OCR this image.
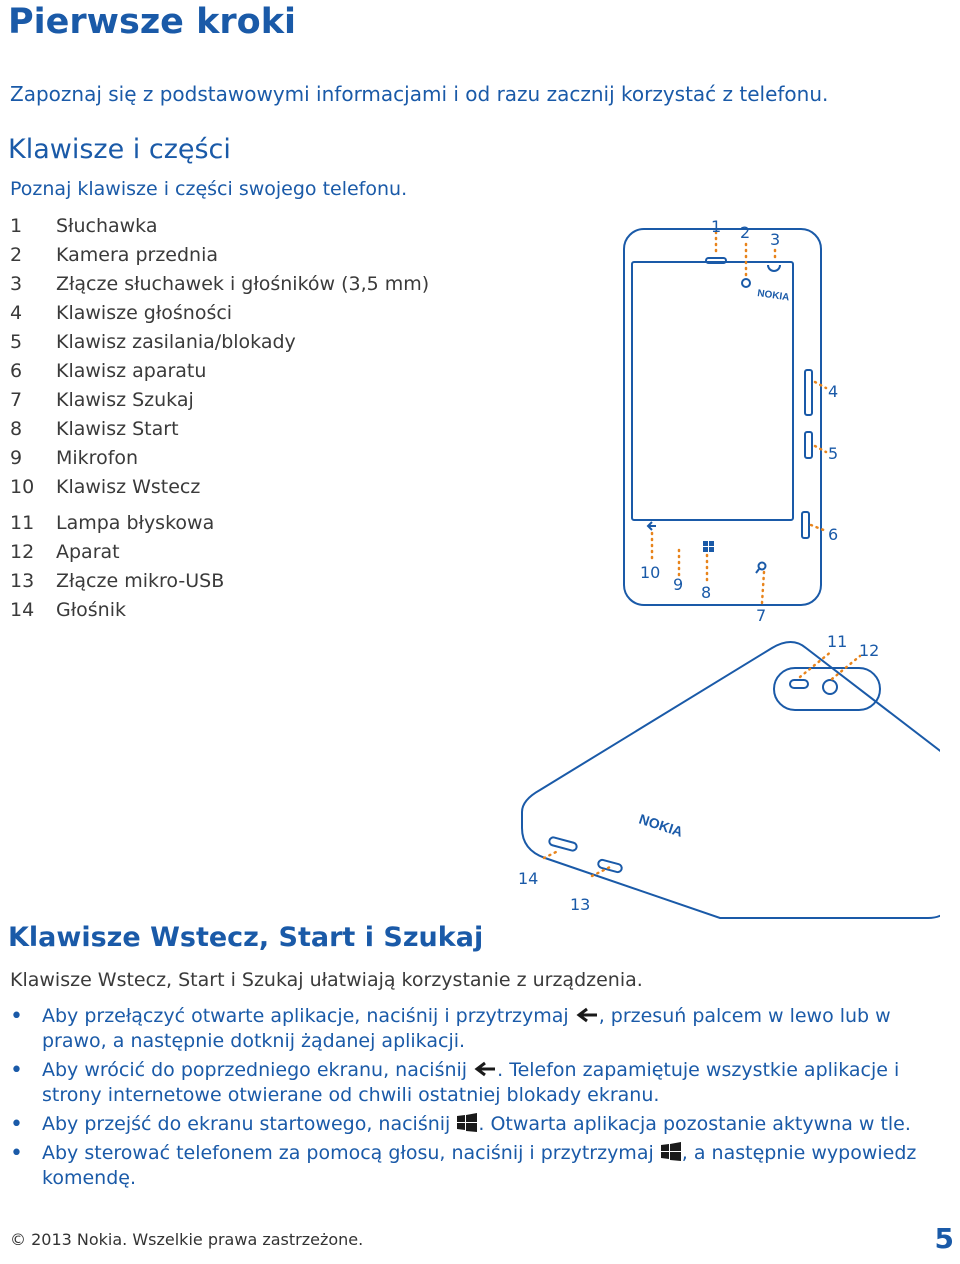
Pierwsze kroki

Zapoznaj się z podstawowymi informacjami i od razu zacznij korzystać z telefonu.

Klawisze i części

Poznaj klawisze i części swojego telefonu.

1 Słuchawka
2 Kamera przednia
3 Złącze słuchawek i głośników (3,5 mm)
4 Klawisze głośności
5 Klawisz zasilania/blokady
6 Klawisz aparatu
7 Klawisz Szukaj
8 Klawisz Start
9 Mikrofon
10 Klawisz Wstecz
11 Lampa błyskowa
12 Aparat
13 Złącze mikro-USB
14 Głośnik
NOKIA
NOKIA
1 2 3
4
5
6
7
8
9
10
11 12
13
14
Klawisze Wstecz, Start i Szukaj

Klawisze Wstecz, Start i Szukaj ułatwiają korzystanie z urządzenia.

• Aby przełączyć otwarte aplikacje, naciśnij i przytrzymaj , przesuń palcem w lewo lub w prawo, a następnie dotknij żądanej aplikacji.
• Aby wrócić do poprzedniego ekranu, naciśnij . Telefon zapamiętuje wszystkie aplikacje i strony internetowe otwierane od chwili ostatniej blokady ekranu.
• Aby przejść do ekranu startowego, naciśnij . Otwarta aplikacja pozostanie aktywna w tle.
• Aby sterować telefonem za pomocą głosu, naciśnij i przytrzymaj , a następnie wypowiedz komendę.

© 2013 Nokia. Wszelkie prawa zastrzeżone.	5
